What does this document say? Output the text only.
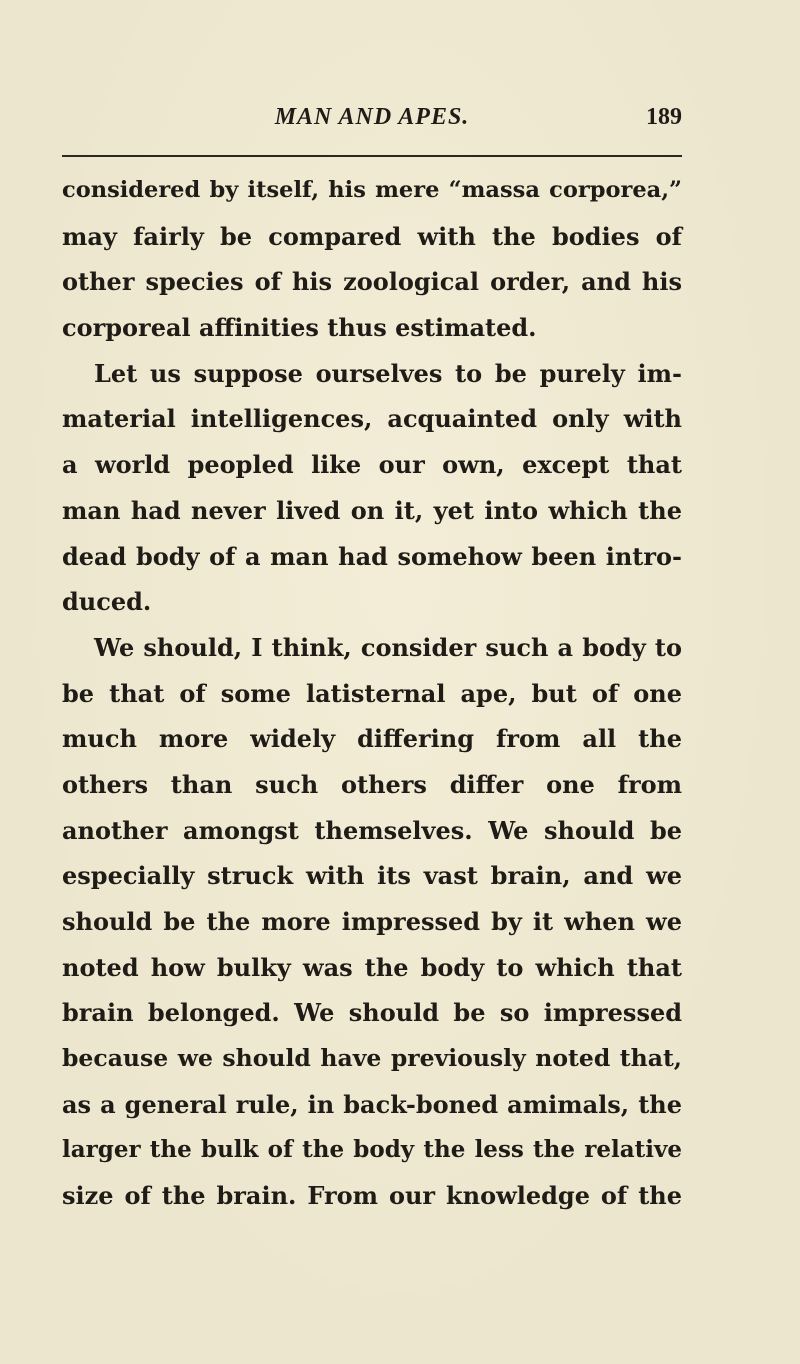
MAN AND APES.	189
considered by itself, his mere “massa corporea,”
may fairly be compared with the bodies of
other species of his zoological order, and his
corporeal affinities thus estimated.
Let us suppose ourselves to be purely im-
material intelligences, acquainted only with
a world peopled like our own, except that
man had never lived on it, yet into which the
dead body of a man had somehow been intro-
duced.
We should, I think, consider such a body to
be that of some latisternal ape, but of one
much more widely differing from all the
others than such others differ one from
another amongst themselves. We should be
especially struck with its vast brain, and we
should be the more impressed by it when we
noted how bulky was the body to which that
brain belonged. We should be so impressed
because we should have previously noted that,
as a general rule, in back-boned amimals, the
larger the bulk of the body the less the relative
size of the brain. From our knowledge of the
